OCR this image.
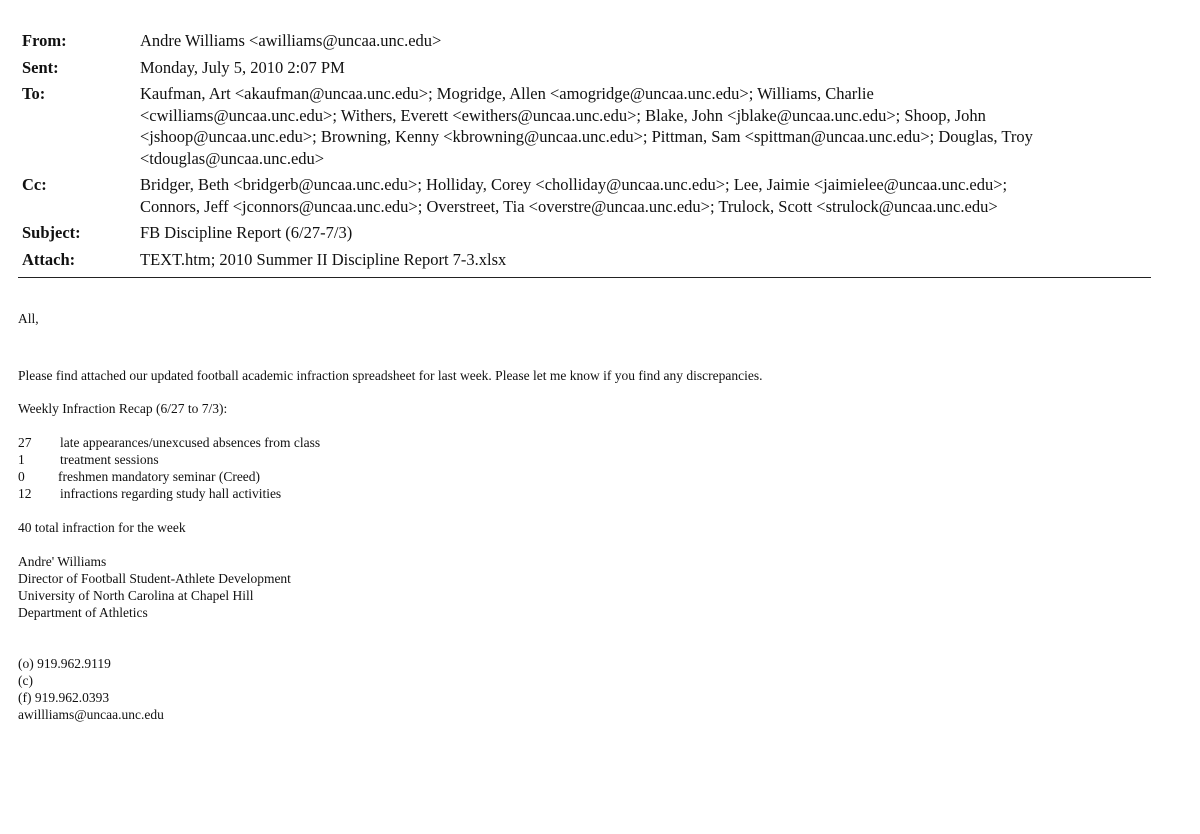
From:	Andre Williams <awilliams@uncaa.unc.edu>
Sent:	Monday, July 5, 2010 2:07 PM
To:	Kaufman, Art <akaufman@uncaa.unc.edu>; Mogridge, Allen <amogridge@uncaa.unc.edu>; Williams, Charlie <cwilliams@uncaa.unc.edu>; Withers, Everett <ewithers@uncaa.unc.edu>; Blake, John <jblake@uncaa.unc.edu>; Shoop, John <jshoop@uncaa.unc.edu>; Browning, Kenny <kbrowning@uncaa.unc.edu>; Pittman, Sam <spittman@uncaa.unc.edu>; Douglas, Troy <tdouglas@uncaa.unc.edu>
Cc:	Bridger, Beth <bridgerb@uncaa.unc.edu>; Holliday, Corey <cholliday@uncaa.unc.edu>; Lee, Jaimie <jaimielee@uncaa.unc.edu>; Connors, Jeff <jconnors@uncaa.unc.edu>; Overstreet, Tia <overstre@uncaa.unc.edu>; Trulock, Scott <strulock@uncaa.unc.edu>
Subject:	FB Discipline Report (6/27-7/3)
Attach:	TEXT.htm; 2010 Summer II Discipline Report 7-3.xlsx

All,

Please find attached our updated football academic infraction spreadsheet for last week. Please let me know if you find any discrepancies.

Weekly Infraction Recap (6/27 to 7/3):

27	late appearances/unexcused absences from class
1	treatment sessions
0	freshmen mandatory seminar (Creed)
12	infractions regarding study hall activities

40 total infraction for the week

Andre' Williams

Director of Football Student-Athlete Development

University of North Carolina at Chapel Hill

Department of Athletics

(o) 919.962.9119

(c)

(f) 919.962.0393

awillliams@uncaa.unc.edu
